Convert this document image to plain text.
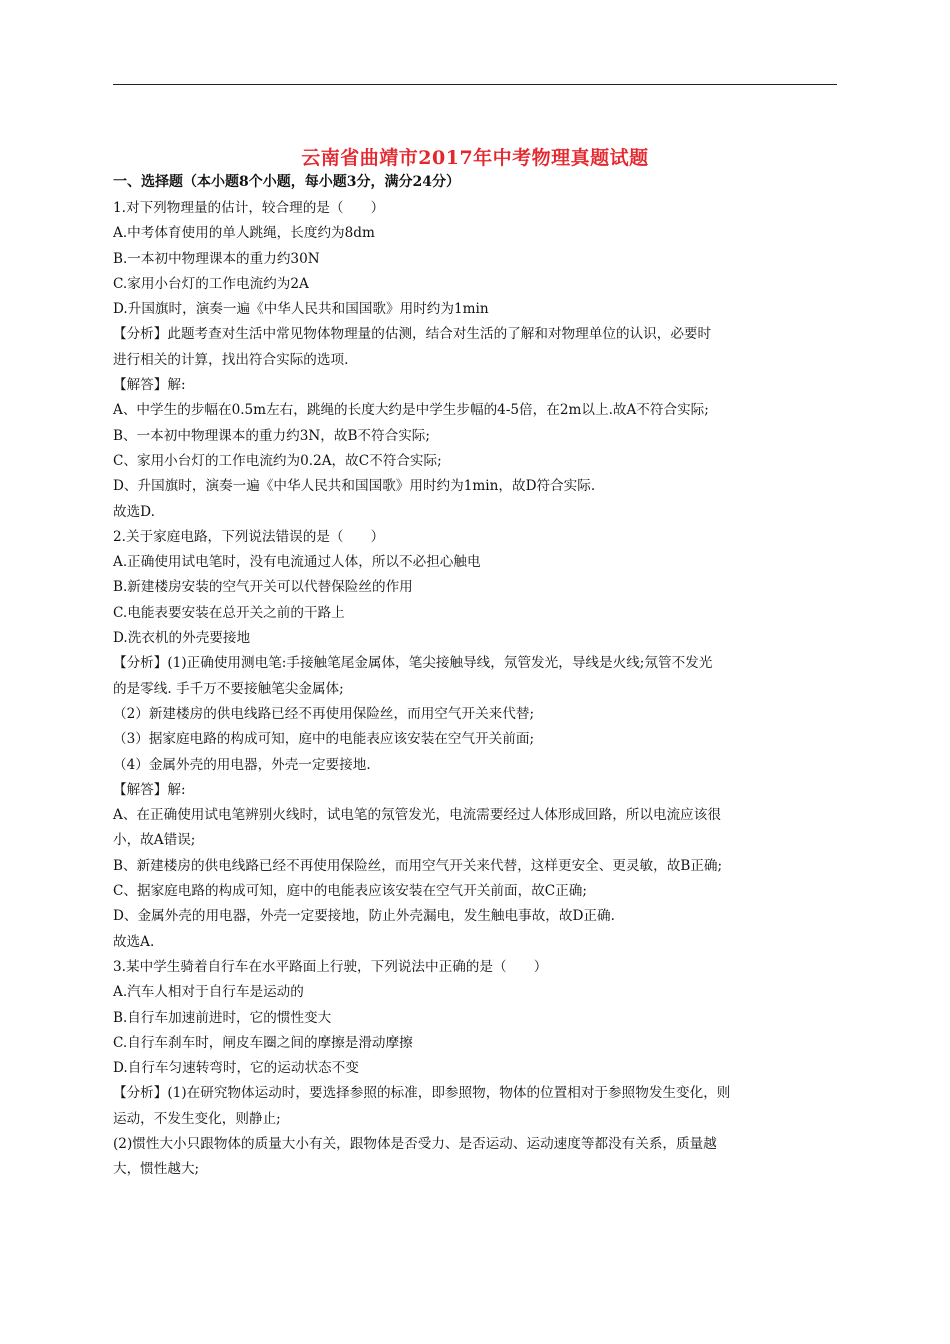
云南省曲靖市2017年中考物理真题试题
一、选择题（本小题8个小题，每小题3分，满分24分）
1.对下列物理量的估计，较合理的是（　　）
A.中考体育使用的单人跳绳，长度约为8dm
B.一本初中物理课本的重力约30N
C.家用小台灯的工作电流约为2A
D.升国旗时，演奏一遍《中华人民共和国国歌》用时约为1min
【分析】此题考查对生活中常见物体物理量的估测，结合对生活的了解和对物理单位的认识，必要时
进行相关的计算，找出符合实际的选项.
【解答】解:
A、中学生的步幅在0.5m左右，跳绳的长度大约是中学生步幅的4-5倍，在2m以上.故A不符合实际;
B、一本初中物理课本的重力约3N，故B不符合实际;
C、家用小台灯的工作电流约为0.2A，故C不符合实际;
D、升国旗时，演奏一遍《中华人民共和国国歌》用时约为1min，故D符合实际.
故选D.
2.关于家庭电路，下列说法错误的是（　　）
A.正确使用试电笔时，没有电流通过人体，所以不必担心触电
B.新建楼房安装的空气开关可以代替保险丝的作用
C.电能表要安装在总开关之前的干路上
D.洗衣机的外壳要接地
【分析】(1)正确使用测电笔:手接触笔尾金属体，笔尖接触导线，氖管发光，导线是火线;氖管不发光
的是零线. 手千万不要接触笔尖金属体;
（2）新建楼房的供电线路已经不再使用保险丝，而用空气开关来代替;
（3）据家庭电路的构成可知，庭中的电能表应该安装在空气开关前面;
（4）金属外壳的用电器，外壳一定要接地.
【解答】解:
A、在正确使用试电笔辨别火线时，试电笔的氖管发光，电流需要经过人体形成回路，所以电流应该很
小，故A错误;
B、新建楼房的供电线路已经不再使用保险丝，而用空气开关来代替，这样更安全、更灵敏，故B正确;
C、据家庭电路的构成可知，庭中的电能表应该安装在空气开关前面，故C正确;
D、金属外壳的用电器，外壳一定要接地，防止外壳漏电，发生触电事故，故D正确.
故选A.
3.某中学生骑着自行车在水平路面上行驶，下列说法中正确的是（　　）
A.汽车人相对于自行车是运动的
B.自行车加速前进时，它的惯性变大
C.自行车刹车时，闸皮车圈之间的摩擦是滑动摩擦
D.自行车匀速转弯时，它的运动状态不变
【分析】(1)在研究物体运动时，要选择参照的标准，即参照物，物体的位置相对于参照物发生变化，则
运动，不发生变化，则静止;
(2)惯性大小只跟物体的质量大小有关，跟物体是否受力、是否运动、运动速度等都没有关系，质量越
大，惯性越大;
